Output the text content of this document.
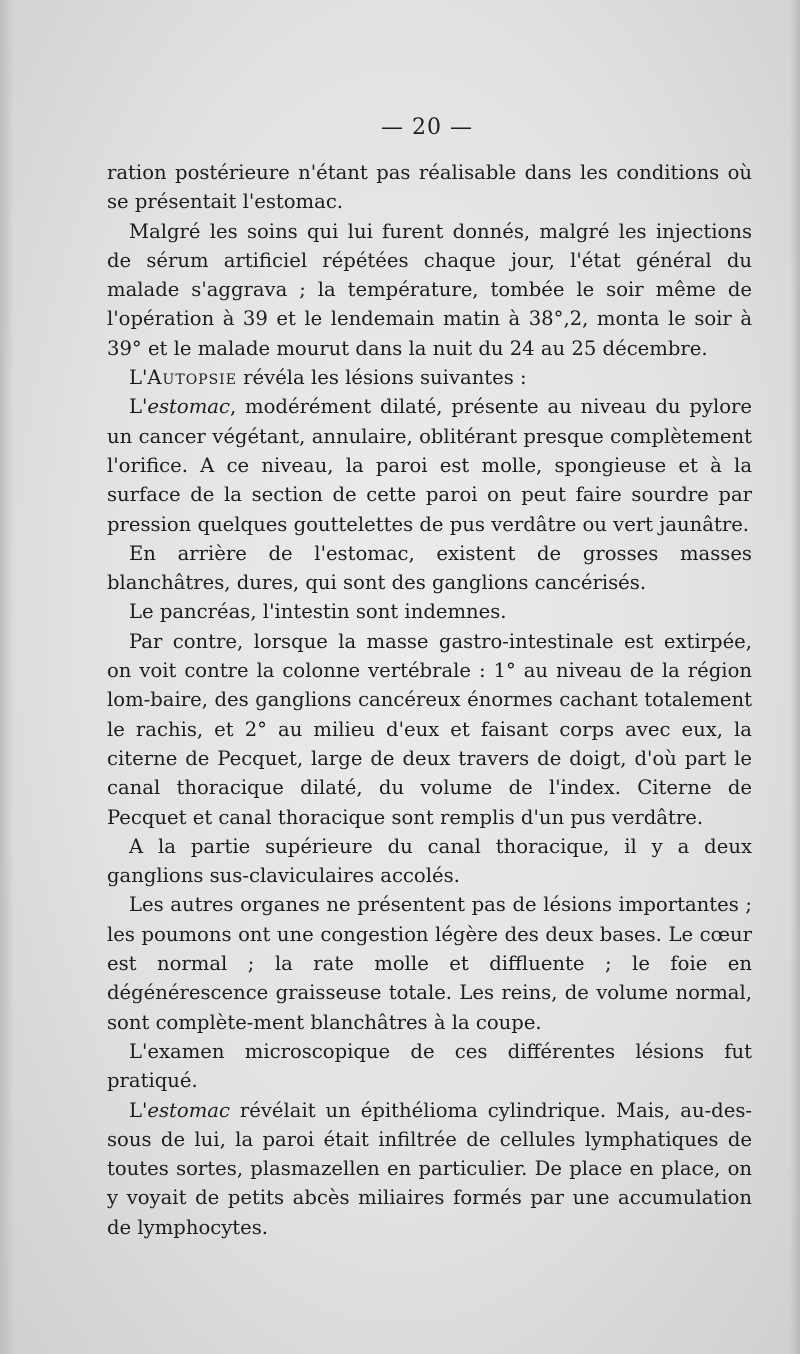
— 20 —

ration postérieure n'étant pas réalisable dans les conditions où se présentait l'estomac.

Malgré les soins qui lui furent donnés, malgré les injections de sérum artificiel répétées chaque jour, l'état général du malade s'aggrava ; la température, tombée le soir même de l'opération à 39 et le lendemain matin à 38°,2, monta le soir à 39° et le malade mourut dans la nuit du 24 au 25 décembre.

L'Autopsie révéla les lésions suivantes :

L'estomac, modérément dilaté, présente au niveau du pylore un cancer végétant, annulaire, oblitérant presque complètement l'orifice. A ce niveau, la paroi est molle, spongieuse et à la surface de la section de cette paroi on peut faire sourdre par pression quelques gouttelettes de pus verdâtre ou vert jaunâtre.

En arrière de l'estomac, existent de grosses masses blanchâtres, dures, qui sont des ganglions cancérisés.

Le pancréas, l'intestin sont indemnes.

Par contre, lorsque la masse gastro-intestinale est extirpée, on voit contre la colonne vertébrale : 1° au niveau de la région lom-baire, des ganglions cancéreux énormes cachant totalement le rachis, et 2° au milieu d'eux et faisant corps avec eux, la citerne de Pecquet, large de deux travers de doigt, d'où part le canal thoracique dilaté, du volume de l'index. Citerne de Pecquet et canal thoracique sont remplis d'un pus verdâtre.

A la partie supérieure du canal thoracique, il y a deux ganglions sus-claviculaires accolés.

Les autres organes ne présentent pas de lésions importantes ; les poumons ont une congestion légère des deux bases. Le cœur est normal ; la rate molle et diffluente ; le foie en dégénérescence graisseuse totale. Les reins, de volume normal, sont complète-ment blanchâtres à la coupe.

L'examen microscopique de ces différentes lésions fut pratiqué.

L'estomac révélait un épithélioma cylindrique. Mais, au-des-sous de lui, la paroi était infiltrée de cellules lymphatiques de toutes sortes, plasmazellen en particulier. De place en place, on y voyait de petits abcès miliaires formés par une accumulation de lymphocytes.
